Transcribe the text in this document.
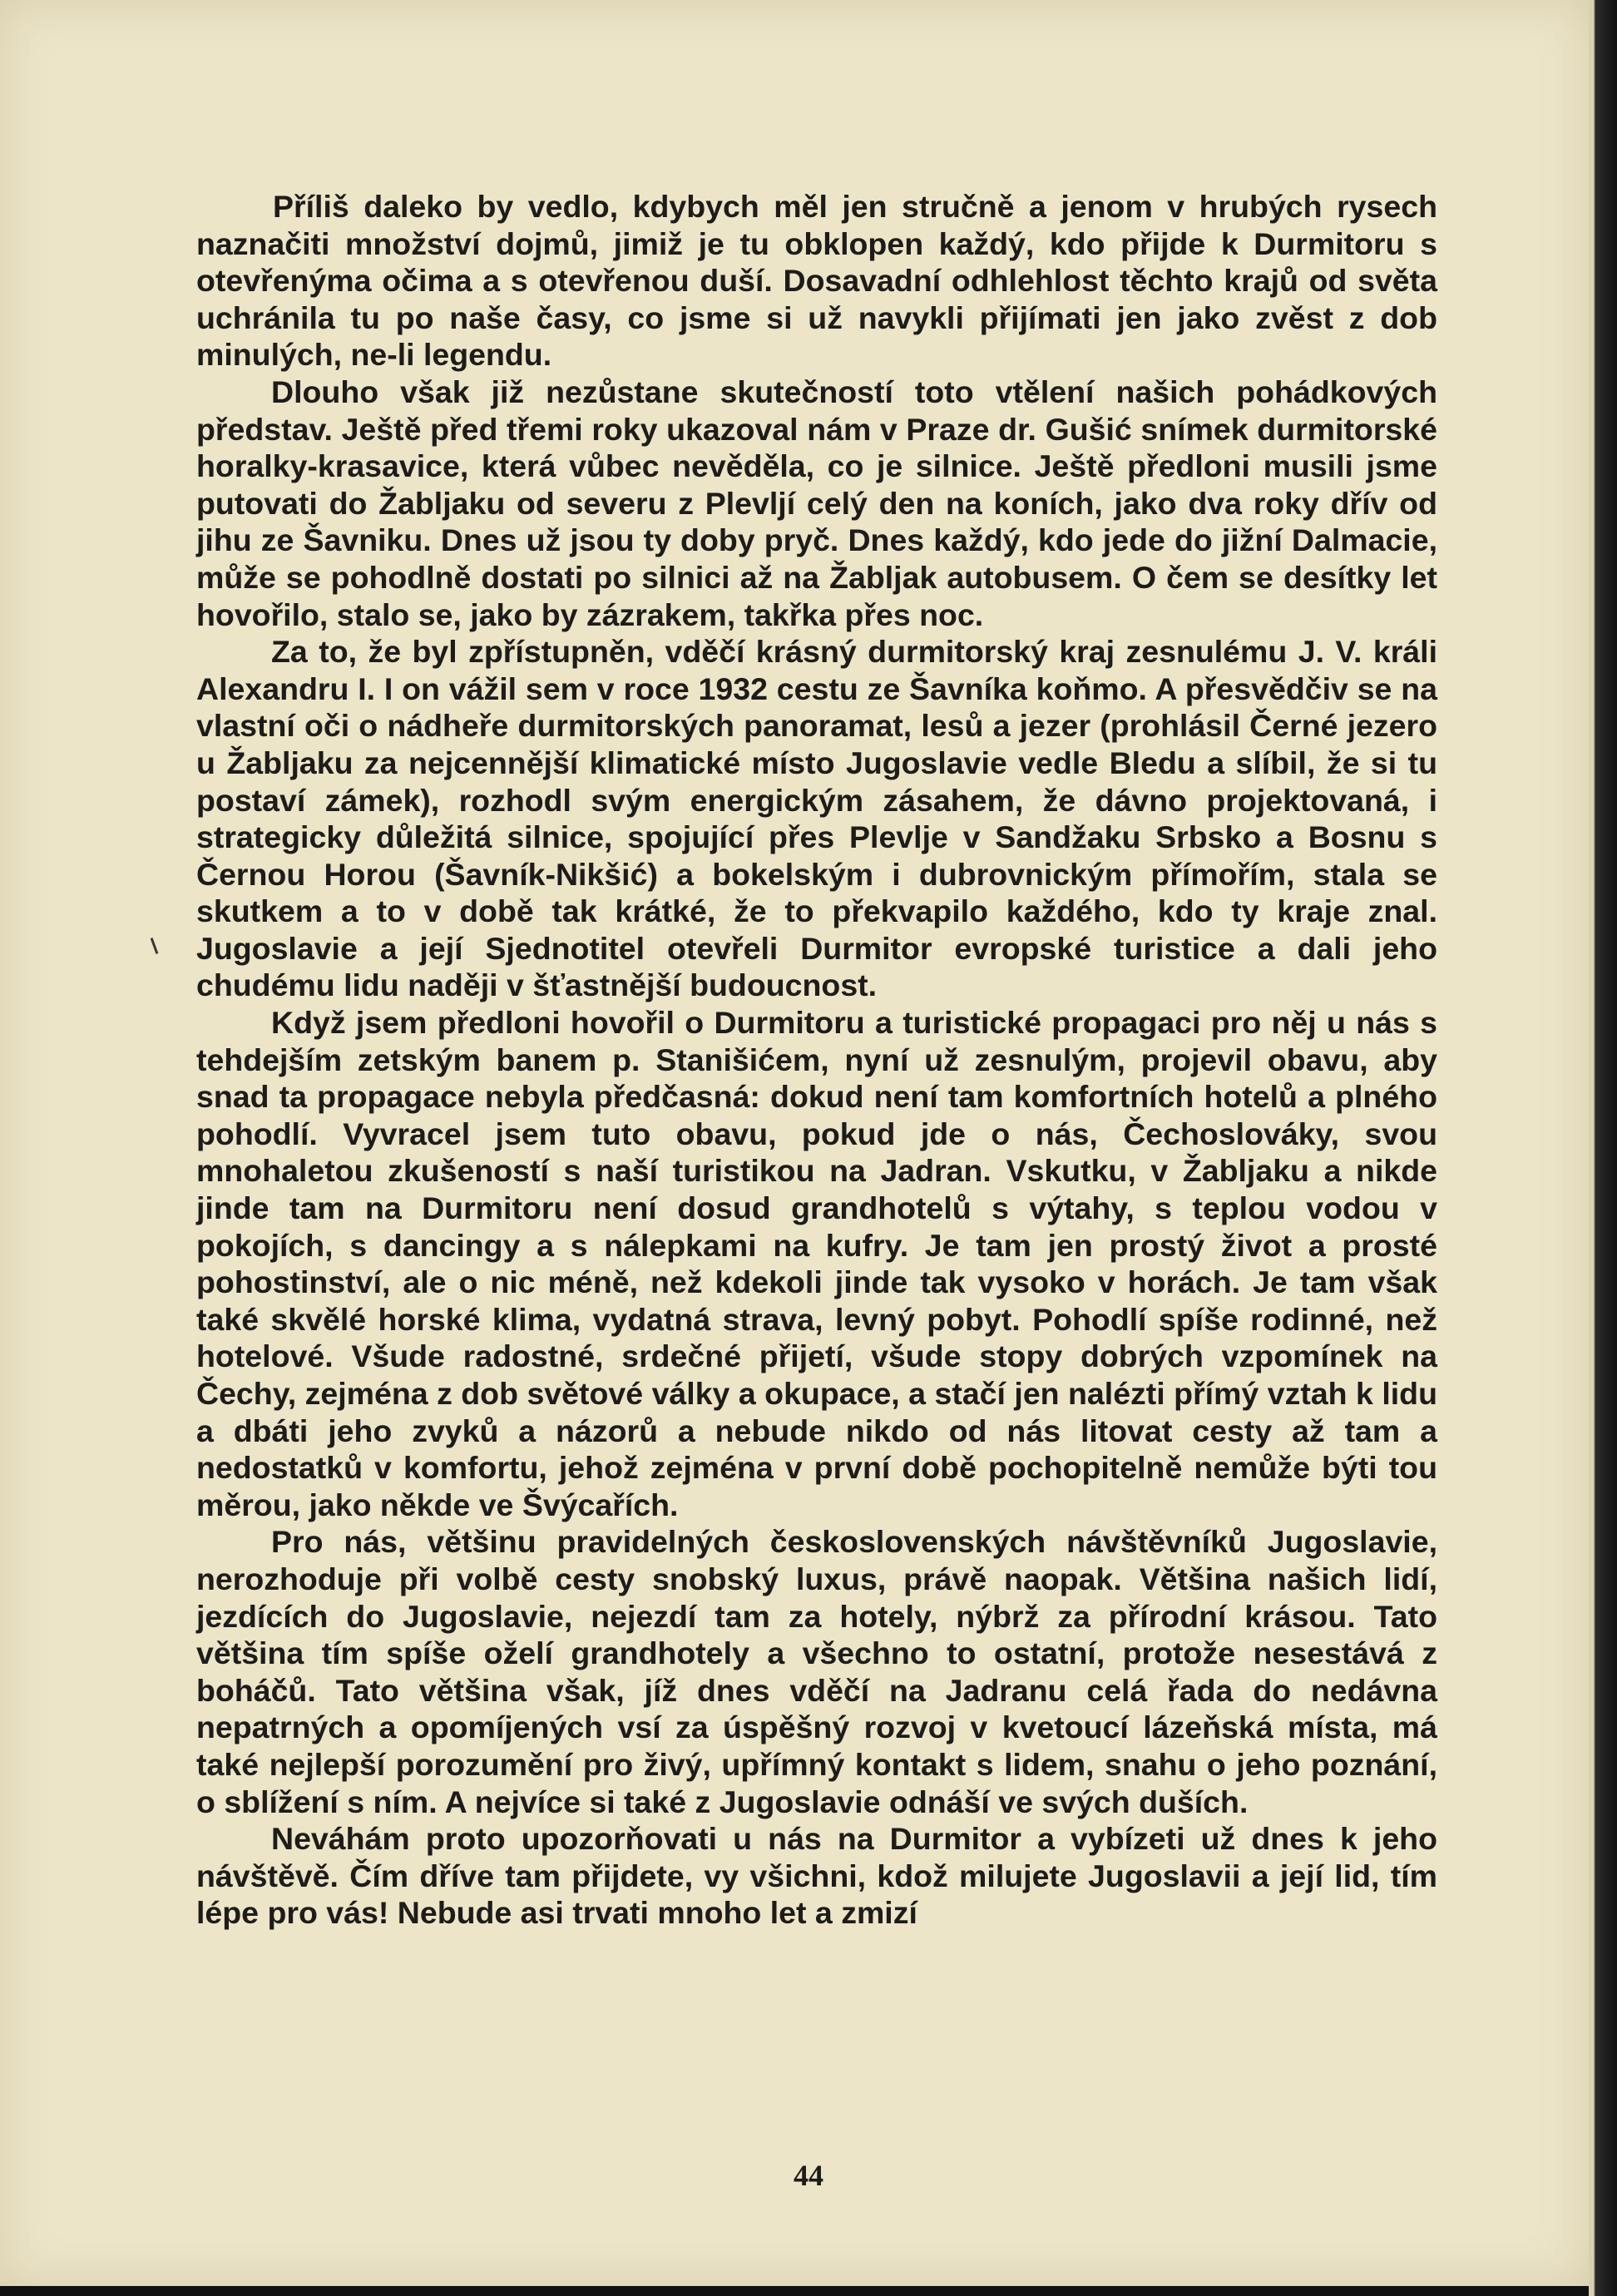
Příliš daleko by vedlo, kdybych měl jen stručně a jenom v hrubých rysech naznačiti množství dojmů, jimiž je tu obklopen každý, kdo přijde k Durmitoru s otevřenýma očima a s otevřenou duší. Dosavadní odhlehlost těchto krajů od světa uchránila tu po naše časy, co jsme si už navykli přijímati jen jako zvěst z dob minulých, ne-li legendu.

Dlouho však již nezůstane skutečností toto vtělení našich pohádkových představ. Ještě před třemi roky ukazoval nám v Praze dr. Gušić snímek durmitorské horalky-krasavice, která vůbec nevěděla, co je silnice. Ještě předloni musili jsme putovati do Žabljaku od severu z Plevljí celý den na koních, jako dva roky dřív od jihu ze Šavniku. Dnes už jsou ty doby pryč. Dnes každý, kdo jede do jižní Dalmacie, může se pohodlně dostati po silnici až na Žabljak autobusem. O čem se desítky let hovořilo, stalo se, jako by zázrakem, takřka přes noc.

Za to, že byl zpřístupněn, vděčí krásný durmitorský kraj zesnulému J. V. králi Alexandru I. I on vážil sem v roce 1932 cestu ze Šavníka koňmo. A přesvědčiv se na vlastní oči o nádheře durmitorských panoramat, lesů a jezer (prohlásil Černé jezero u Žabljaku za nejcennější klimatické místo Jugoslavie vedle Bledu a slíbil, že si tu postaví zámek), rozhodl svým energickým zásahem, že dávno projektovaná, i strategicky důležitá silnice, spojující přes Plevlje v Sandžaku Srbsko a Bosnu s Černou Horou (Šavník-Nikšić) a bokelským i dubrovnickým přímořím, stala se skutkem a to v době tak krátké, že to překvapilo každého, kdo ty kraje znal. Jugoslavie a její Sjednotitel otevřeli Durmitor evropské turistice a dali jeho chudému lidu naději v šťastnější budoucnost.

Když jsem předloni hovořil o Durmitoru a turistické propagaci pro něj u nás s tehdejším zetským banem p. Stanišićem, nyní už zesnulým, projevil obavu, aby snad ta propagace nebyla předčasná: dokud není tam komfortních hotelů a plného pohodlí. Vyvracel jsem tuto obavu, pokud jde o nás, Čechoslováky, svou mnohaletou zkušeností s naší turistikou na Jadran. Vskutku, v Žabljaku a nikde jinde tam na Durmitoru není dosud grandhotelů s výtahy, s teplou vodou v pokojích, s dancingy a s nálepkami na kufry. Je tam jen prostý život a prosté pohostinství, ale o nic méně, než kdekoli jinde tak vysoko v horách. Je tam však také skvělé horské klima, vydatná strava, levný pobyt. Pohodlí spíše rodinné, než hotelové. Všude radostné, srdečné přijetí, všude stopy dobrých vzpomínek na Čechy, zejména z dob světové války a okupace, a stačí jen nalézti přímý vztah k lidu a dbáti jeho zvyků a názorů a nebude nikdo od nás litovat cesty až tam a nedostatků v komfortu, jehož zejména v první době pochopitelně nemůže býti tou měrou, jako někde ve Švýcařích.

Pro nás, většinu pravidelných československých návštěvníků Jugoslavie, nerozhoduje při volbě cesty snobský luxus, právě naopak. Většina našich lidí, jezdících do Jugoslavie, nejezdí tam za hotely, nýbrž za přírodní krásou. Tato většina tím spíše oželí grandhotely a všechno to ostatní, protože nesestává z boháčů. Tato většina však, jíž dnes vděčí na Jadranu celá řada do nedávna nepatrných a opomíjených vsí za úspěšný rozvoj v kvetoucí lázeňská místa, má také nejlepší porozumění pro živý, upřímný kontakt s lidem, snahu o jeho poznání, o sblížení s ním. A nejvíce si také z Jugoslavie odnáší ve svých duších.

Neváhám proto upozorňovati u nás na Durmitor a vybízeti už dnes k jeho návštěvě. Čím dříve tam přijdete, vy všichni, kdož milujete Jugoslavii a její lid, tím lépe pro vás! Nebude asi trvati mnoho let a zmizí

44
